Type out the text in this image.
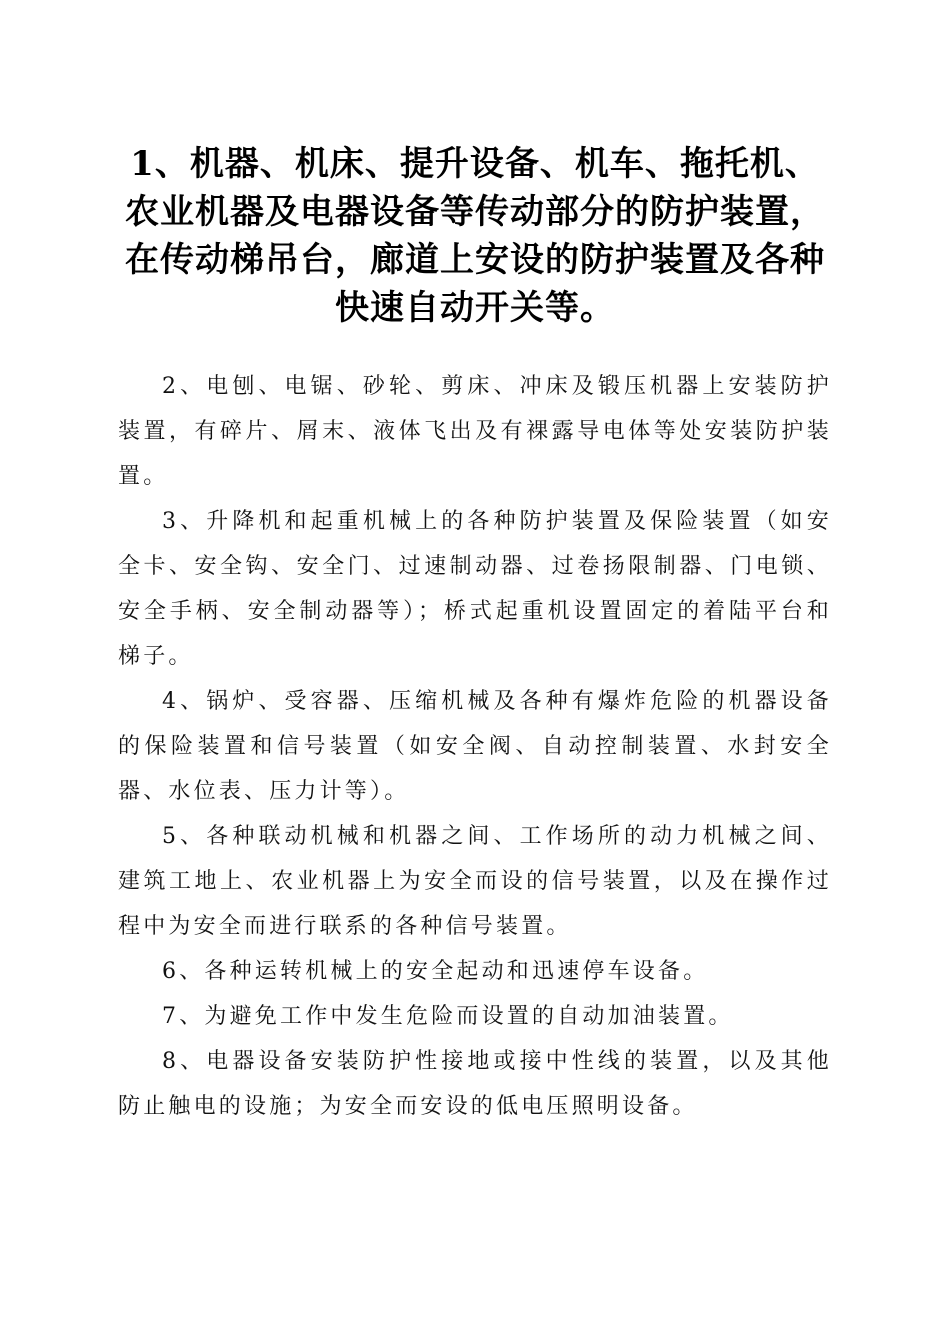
1、机器、机床、提升设备、机车、拖托机、
农业机器及电器设备等传动部分的防护装置，
在传动梯吊台，廊道上安设的防护装置及各种
快速自动开关等。

2、电刨、电锯、砂轮、剪床、冲床及锻压机器上安装防护装置，有碎片、屑末、液体飞出及有裸露导电体等处安装防护装置。

3、升降机和起重机械上的各种防护装置及保险装置（如安全卡、安全钩、安全门、过速制动器、过卷扬限制器、门电锁、安全手柄、安全制动器等）；桥式起重机设置固定的着陆平台和梯子。

4、锅炉、受容器、压缩机械及各种有爆炸危险的机器设备的保险装置和信号装置（如安全阀、自动控制装置、水封安全器、水位表、压力计等）。

5、各种联动机械和机器之间、工作场所的动力机械之间、建筑工地上、农业机器上为安全而设的信号装置，以及在操作过程中为安全而进行联系的各种信号装置。

6、各种运转机械上的安全起动和迅速停车设备。

7、为避免工作中发生危险而设置的自动加油装置。

8、电器设备安装防护性接地或接中性线的装置，以及其他防止触电的设施；为安全而安设的低电压照明设备。
